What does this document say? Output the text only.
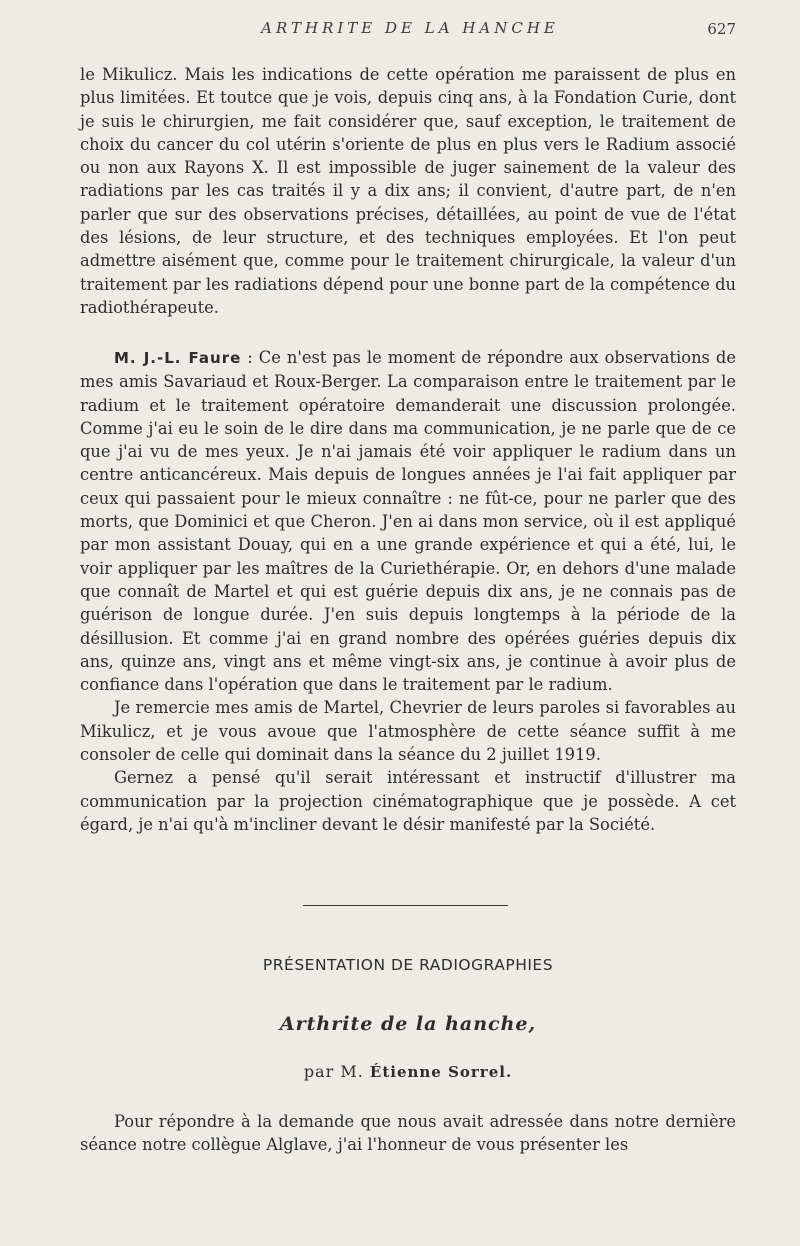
ARTHRITE DE LA HANCHE	627

le Mikulicz. Mais les indications de cette opération me paraissent de plus en plus limitées. Et toutce que je vois, depuis cinq ans, à la Fondation Curie, dont je suis le chirurgien, me fait considérer que, sauf exception, le traitement de choix du cancer du col utérin s'oriente de plus en plus vers le Radium associé ou non aux Rayons X. Il est impossible de juger sainement de la valeur des radiations par les cas traités il y a dix ans; il convient, d'autre part, de n'en parler que sur des observations précises, détaillées, au point de vue de l'état des lésions, de leur structure, et des techniques employées. Et l'on peut admettre aisément que, comme pour le traitement chirurgicale, la valeur d'un traitement par les radiations dépend pour une bonne part de la compétence du radiothérapeute.

M. J.-L. Faure : Ce n'est pas le moment de répondre aux observations de mes amis Savariaud et Roux-Berger. La comparaison entre le traitement par le radium et le traitement opératoire demanderait une discussion prolongée. Comme j'ai eu le soin de le dire dans ma communication, je ne parle que de ce que j'ai vu de mes yeux. Je n'ai jamais été voir appliquer le radium dans un centre anticancéreux. Mais depuis de longues années je l'ai fait appliquer par ceux qui passaient pour le mieux connaître : ne fût-ce, pour ne parler que des morts, que Dominici et que Cheron. J'en ai dans mon service, où il est appliqué par mon assistant Douay, qui en a une grande expérience et qui a été, lui, le voir appliquer par les maîtres de la Curiethérapie. Or, en dehors d'une malade que connaît de Martel et qui est guérie depuis dix ans, je ne connais pas de guérison de longue durée. J'en suis depuis longtemps à la période de la désillusion. Et comme j'ai en grand nombre des opérées guéries depuis dix ans, quinze ans, vingt ans et même vingt-six ans, je continue à avoir plus de confiance dans l'opération que dans le traitement par le radium.

Je remercie mes amis de Martel, Chevrier de leurs paroles si favorables au Mikulicz, et je vous avoue que l'atmosphère de cette séance suffit à me consoler de celle qui dominait dans la séance du 2 juillet 1919.

Gernez a pensé qu'il serait intéressant et instructif d'illustrer ma communication par la projection cinématographique que je possède. A cet égard, je n'ai qu'à m'incliner devant le désir manifesté par la Société.

PRÉSENTATION DE RADIOGRAPHIES
Arthrite de la hanche,
par M. Étienne Sorrel.

Pour répondre à la demande que nous avait adressée dans notre dernière séance notre collègue Alglave, j'ai l'honneur de vous présenter les
